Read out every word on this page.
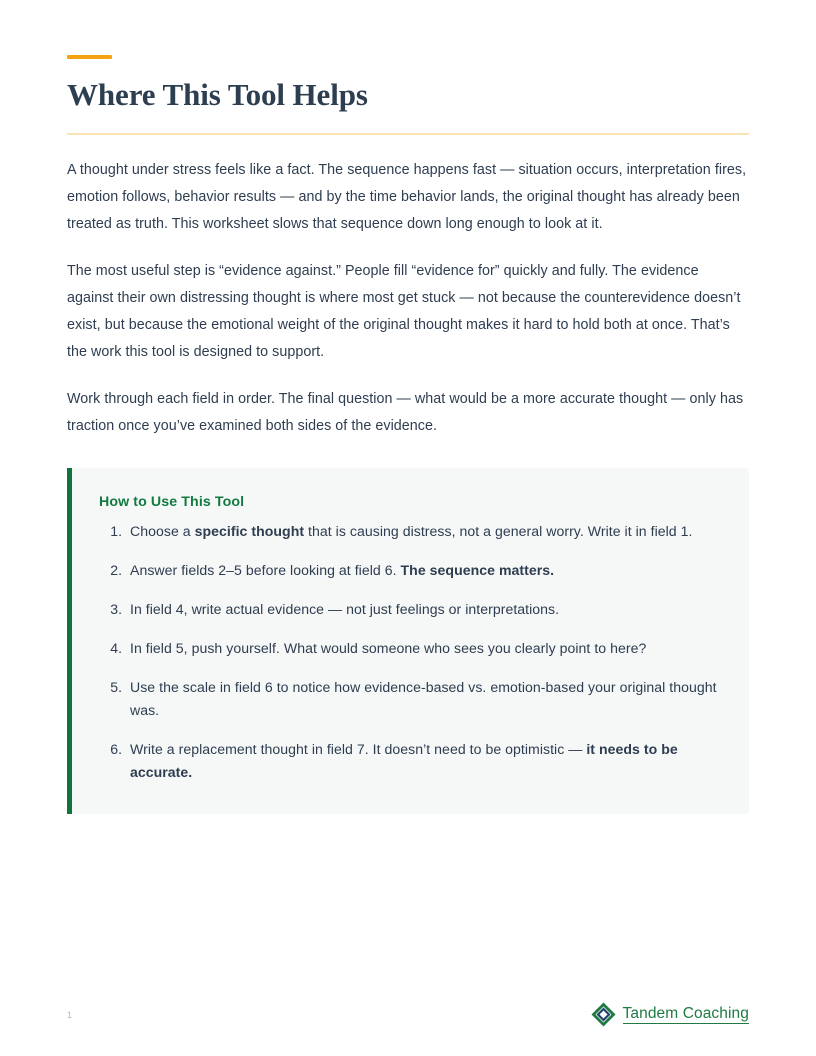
Where This Tool Helps

A thought under stress feels like a fact. The sequence happens fast — situation occurs, interpretation fires, emotion follows, behavior results — and by the time behavior lands, the original thought has already been treated as truth. This worksheet slows that sequence down long enough to look at it.

The most useful step is “evidence against.” People fill “evidence for” quickly and fully. The evidence against their own distressing thought is where most get stuck — not because the counterevidence doesn’t exist, but because the emotional weight of the original thought makes it hard to hold both at once. That’s the work this tool is designed to support.

Work through each field in order. The final question — what would be a more accurate thought — only has traction once you’ve examined both sides of the evidence.

How to Use This Tool
1. Choose a specific thought that is causing distress, not a general worry. Write it in field 1.
2. Answer fields 2–5 before looking at field 6. The sequence matters.
3. In field 4, write actual evidence — not just feelings or interpretations.
4. In field 5, push yourself. What would someone who sees you clearly point to here?
5. Use the scale in field 6 to notice how evidence-based vs. emotion-based your original thought was.
6. Write a replacement thought in field 7. It doesn’t need to be optimistic — it needs to be accurate.
1	Tandem Coaching
